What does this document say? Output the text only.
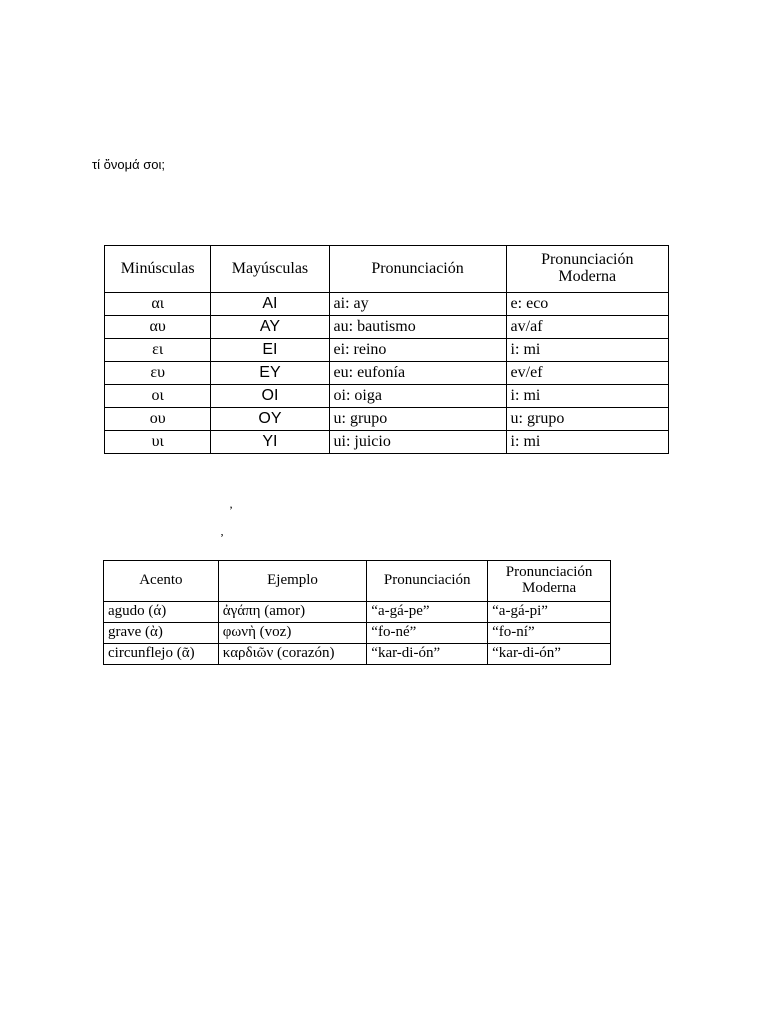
τί ὄνομά σοι;
Minúsculas	Mayúsculas	Pronunciación	Pronunciación Moderna
αι	AI	ai: ay	e: eco
αυ	AY	au: bautismo	av/af
ει	EI	ei: reino	i: mi
ευ	EY	eu: eufonía	ev/ef
οι	OI	oi: oiga	i: mi
ου	OY	u: grupo	u: grupo
υι	YI	ui: juicio	i: mi
’
‚
Acento	Ejemplo	Pronunciación	Pronunciación Moderna
agudo (ά)	ἀγάπη (amor)	“a-gá-pe”	“a-gá-pi”
grave (ὰ)	φωνὴ (voz)	“fo-né”	“fo-ní”
circunflejo (ᾶ)	καρδιῶν (corazón)	“kar-di-ón”	“kar-di-ón”
